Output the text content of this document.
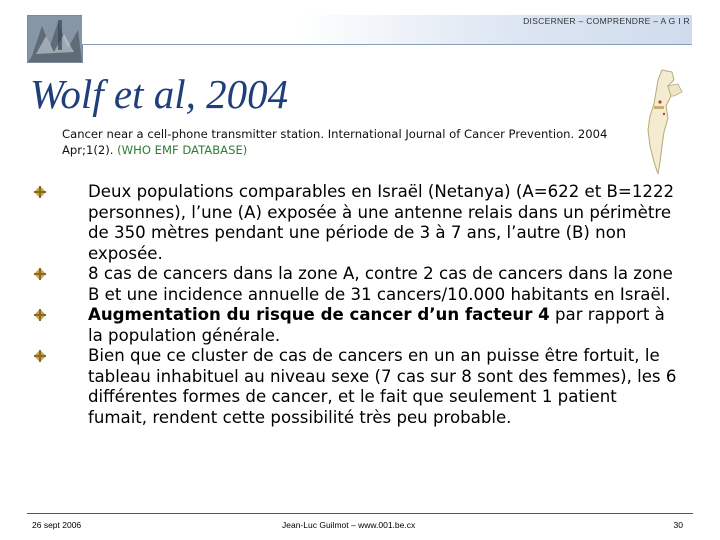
DISCERNER – COMPRENDRE – A G I R
Wolf et al, 2004
Cancer near a cell-phone transmitter station. International Journal of Cancer Prevention. 2004 Apr;1(2). (WHO EMF DATABASE)
Deux populations comparables en Israël (Netanya) (A=622 et B=1222 personnes), l’une (A) exposée à une antenne relais dans un périmètre de 350 mètres pendant une période de 3 à 7 ans, l’autre (B) non exposée.
8 cas de cancers dans la zone A, contre 2 cas de cancers dans la zone B et une incidence annuelle de 31 cancers/10.000 habitants en Israël.
Augmentation du risque de cancer d’un facteur 4 par rapport à la population générale.
Bien que ce cluster de cas de cancers en un an puisse être fortuit, le tableau inhabituel au niveau sexe (7 cas sur 8 sont des femmes), les 6 différentes formes de cancer, et le fait que seulement 1 patient fumait, rendent cette possibilité très peu probable.
26 sept 2006	Jean-Luc Guilmot – www.001.be.cx	30
